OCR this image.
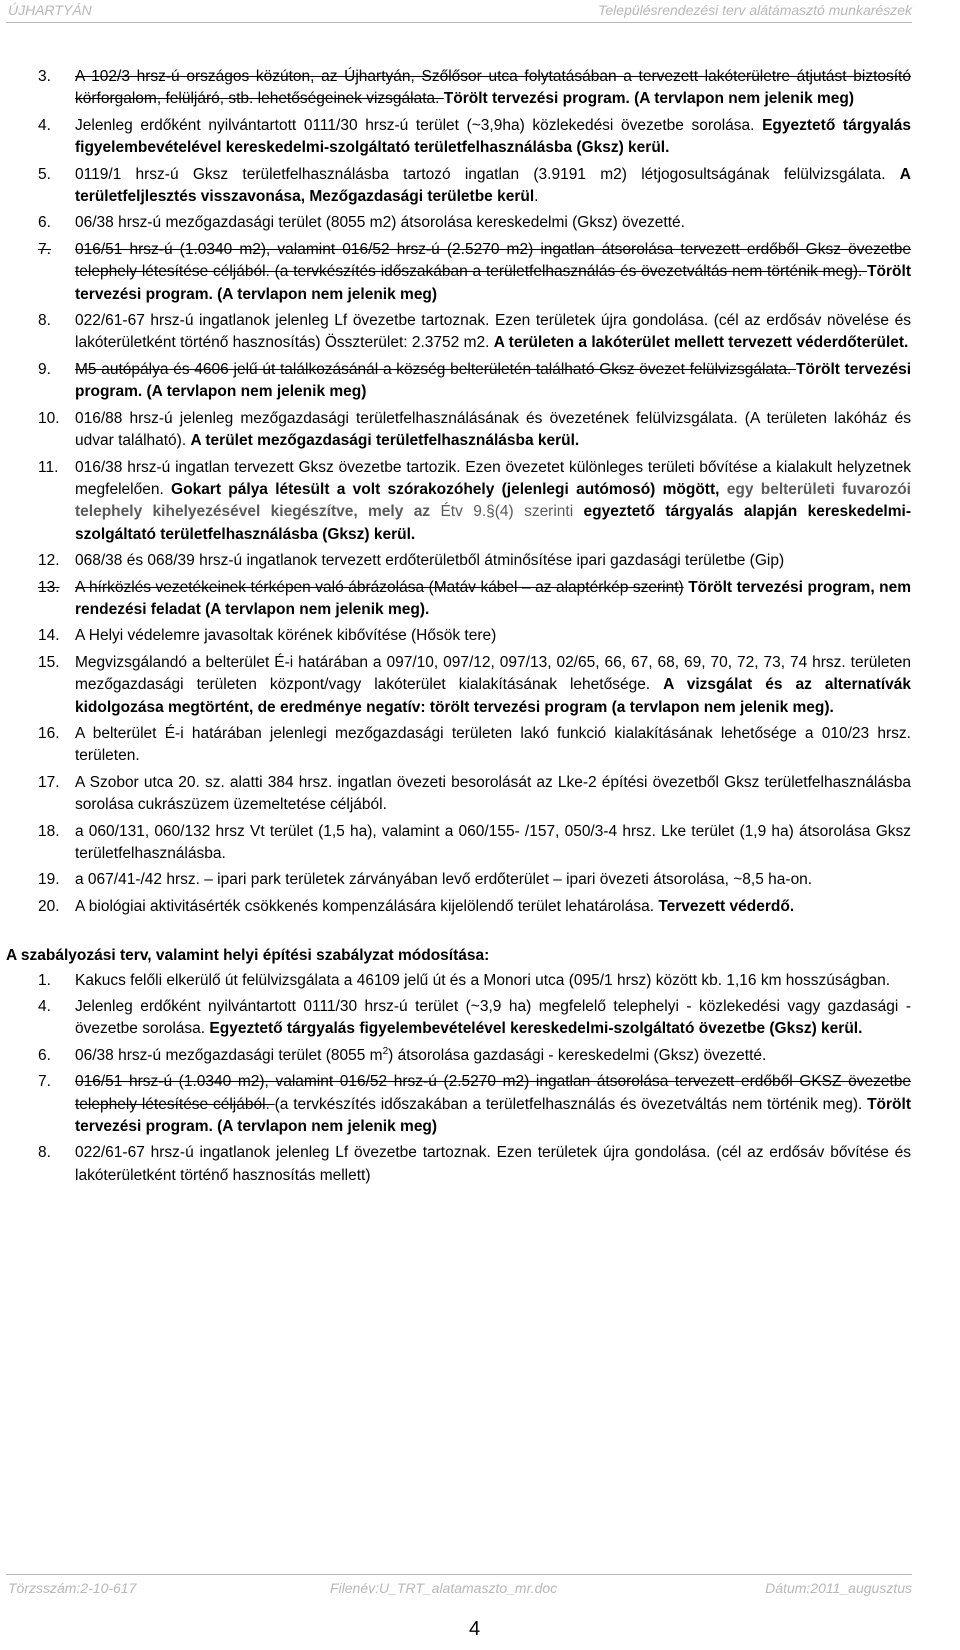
ÚJHARTYÁN	Településrendezési terv alátámasztó munkarészek
3. A 102/3 hrsz-ú országos közúton, az Újhartyán, Szőlősor utca folytatásában a tervezett lakóterületre átjutást biztosító körforgalom, felüljáró, stb. lehetőségeinek vizsgálata. Törölt tervezési program. (A tervlapon nem jelenik meg)
4. Jelenleg erdőként nyilvántartott 0111/30 hrsz-ú terület (~3,9ha) közlekedési övezetbe sorolása. Egyeztető tárgyalás figyelembevételével kereskedelmi-szolgáltató területfelhasználásba (Gksz) kerül.
5. 0119/1 hrsz-ú Gksz területfelhasználásba tartozó ingatlan (3.9191 m2) létjogosultságának felülvizsgálata. A területfeljlesztés visszavonása, Mezőgazdasági területbe kerül.
6. 06/38 hrsz-ú mezőgazdasági terület (8055 m2) átsorolása kereskedelmi (Gksz) övezetté.
7. 016/51 hrsz-ú (1.0340 m2), valamint 016/52 hrsz-ú (2.5270 m2) ingatlan átsorolása tervezett erdőből Gksz övezetbe telephely létesítése céljából. (a tervkészítés időszakában a területfelhasználás és övezetváltás nem történik meg). Törölt tervezési program. (A tervlapon nem jelenik meg)
8. 022/61-67 hrsz-ú ingatlanok jelenleg Lf övezetbe tartoznak. Ezen területek újra gondolása. (cél az erdősáv növelése és lakóterületként történő hasznosítás) Összterület: 2.3752 m2. A területen a lakóterület mellett tervezett véderdőterület.
9. M5 autópálya és 4606 jelű út találkozásánál a község belterületén található Gksz övezet felülvizsgálata. Törölt tervezési program. (A tervlapon nem jelenik meg)
10. 016/88 hrsz-ú jelenleg mezőgazdasági területfelhasználásának és övezetének felülvizsgálata. (A területen lakóház és udvar található). A terület mezőgazdasági területfelhasználásba kerül.
11. 016/38 hrsz-ú ingatlan tervezett Gksz övezetbe tartozik. Ezen övezetet különleges területi bővítése a kialakult helyzetnek megfelelően. Gokart pálya létesült a volt szórakozóhely (jelenlegi autómosó) mögött, egy belterületi fuvarozói telephely kihelyezésével kiegészítve, mely az Étv 9.§(4) szerinti egyeztető tárgyalás alapján kereskedelmi-szolgáltató területfelhasználásba (Gksz) kerül.
12. 068/38 és 068/39 hrsz-ú ingatlanok tervezett erdőterületből átminősítése ipari gazdasági területbe (Gip)
13. A hírközlés vezetékeinek térképen való ábrázolása (Matáv kábel – az alaptérkép szerint) Törölt tervezési program, nem rendezési feladat (A tervlapon nem jelenik meg).
14. A Helyi védelemre javasoltak körének kibővítése (Hősök tere)
15. Megvizsgálandó a belterület É-i határában a 097/10, 097/12, 097/13, 02/65, 66, 67, 68, 69, 70, 72, 73, 74 hrsz. területen mezőgazdasági területen központ/vagy lakóterület kialakításának lehetősége. A vizsgálat és az alternatívák kidolgozása megtörtént, de eredménye negatív: törölt tervezési program (a tervlapon nem jelenik meg).
16. A belterület É-i határában jelenlegi mezőgazdasági területen lakó funkció kialakításának lehetősége a 010/23 hrsz. területen.
17. A Szobor utca 20. sz. alatti 384 hrsz. ingatlan övezeti besorolását az Lke-2 építési övezetből Gksz területfelhasználásba sorolása cukrászüzem üzemeltetése céljából.
18. a 060/131, 060/132 hrsz Vt terület (1,5 ha), valamint a 060/155- /157, 050/3-4 hrsz. Lke terület (1,9 ha) átsorolása Gksz területfelhasználásba.
19. a 067/41-/42 hrsz. – ipari park területek zárványában levő erdőterület – ipari övezeti átsorolása, ~8,5 ha-on.
20. A biológiai aktivitásérték csökkenés kompenzálására kijelölendő terület lehatárolása. Tervezett véderdő.
A szabályozási terv, valamint helyi építési szabályzat módosítása:
1. Kakucs felőli elkerülő út felülvizsgálata a 46109 jelű út és a Monori utca (095/1 hrsz) között kb. 1,16 km hosszúságban.
4. Jelenleg erdőként nyilvántartott 0111/30 hrsz-ú terület (~3,9 ha) megfelelő telephelyi - közlekedési vagy gazdasági - övezetbe sorolása. Egyeztető tárgyalás figyelembevételével kereskedelmi-szolgáltató övezetbe (Gksz) kerül.
6. 06/38 hrsz-ú mezőgazdasági terület (8055 $m^2$) átsorolása gazdasági - kereskedelmi (Gksz) övezetté.
7. 016/51 hrsz-ú (1.0340 m2), valamint 016/52 hrsz-ú (2.5270 m2) ingatlan átsorolása tervezett erdőből GKSZ övezetbe telephely létesítése céljából. (a tervkészítés időszakában a területfelhasználás és övezetváltás nem történik meg). Törölt tervezési program. (A tervlapon nem jelenik meg)
8. 022/61-67 hrsz-ú ingatlanok jelenleg Lf övezetbe tartoznak. Ezen területek újra gondolása. (cél az erdősáv bővítése és lakóterületként történő hasznosítás mellett)
Törzsszám:2-10-617	Filenév:U_TRT_alatamaszto_mr.doc	Dátum:2011_augusztus
4
